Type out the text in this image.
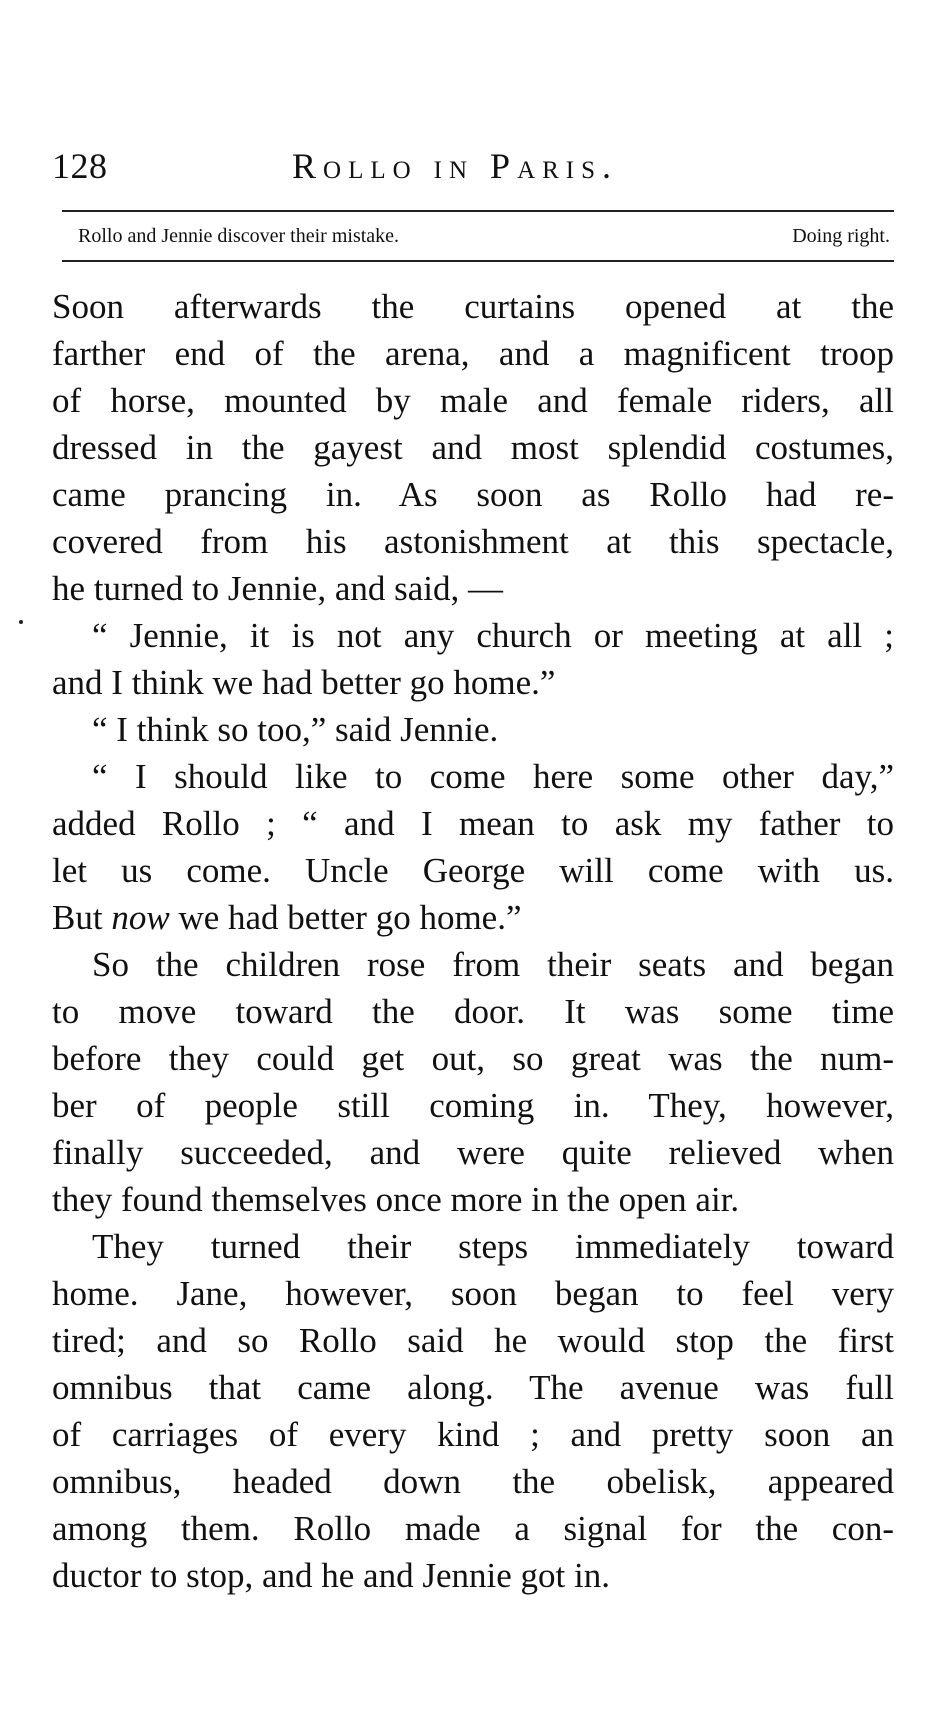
128	Rollo in Paris.
Rollo and Jennie discover their mistake.	Doing right.
Soon afterwards the curtains opened at the
farther end of the arena, and a magnificent troop
of horse, mounted by male and female riders, all
dressed in the gayest and most splendid costumes,
came prancing in. As soon as Rollo had re-
covered from his astonishment at this spectacle,
he turned to Jennie, and said, —
“ Jennie, it is not any church or meeting at all ;
and I think we had better go home.”
“ I think so too,” said Jennie.
“ I should like to come here some other day,”
added Rollo ; “ and I mean to ask my father to
let us come. Uncle George will come with us.
But now we had better go home.”
So the children rose from their seats and began
to move toward the door. It was some time
before they could get out, so great was the num-
ber of people still coming in. They, however,
finally succeeded, and were quite relieved when
they found themselves once more in the open air.
They turned their steps immediately toward
home. Jane, however, soon began to feel very
tired; and so Rollo said he would stop the first
omnibus that came along. The avenue was full
of carriages of every kind ; and pretty soon an
omnibus, headed down the obelisk, appeared
among them. Rollo made a signal for the con-
ductor to stop, and he and Jennie got in.
